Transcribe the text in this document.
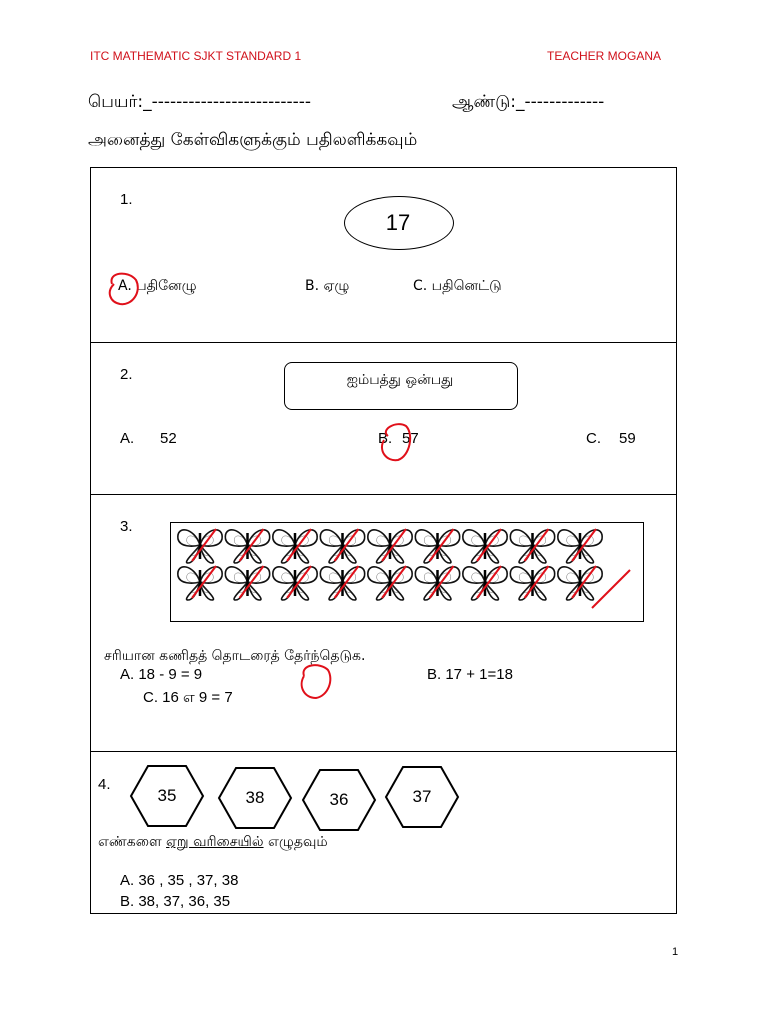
ITC MATHEMATIC SJKT STANDARD 1	TEACHER MOGANA
பெயர்:_--------------------------	ஆண்டு:_-------------
அனைத்து கேள்விகளுக்கும் பதிலளிக்கவும்
1.
17
A. பதினேழு	B. ஏழு	C. பதினெட்டு
2.	ஐம்பத்து ஒன்பது
A. 52	B. 57	C. 59
3.
சரியான கணிதத் தொடரைத் தேர்ந்தெடுக.
A. 18 - 9 = 9	B. 17 + 1=18
C. 16 எ 9 = 7
4.
35	38	36	37
எண்களை ஏறு வரிசையில் எழுதவும்
A. 36 , 35 , 37, 38
B. 38, 37, 36, 35
1
